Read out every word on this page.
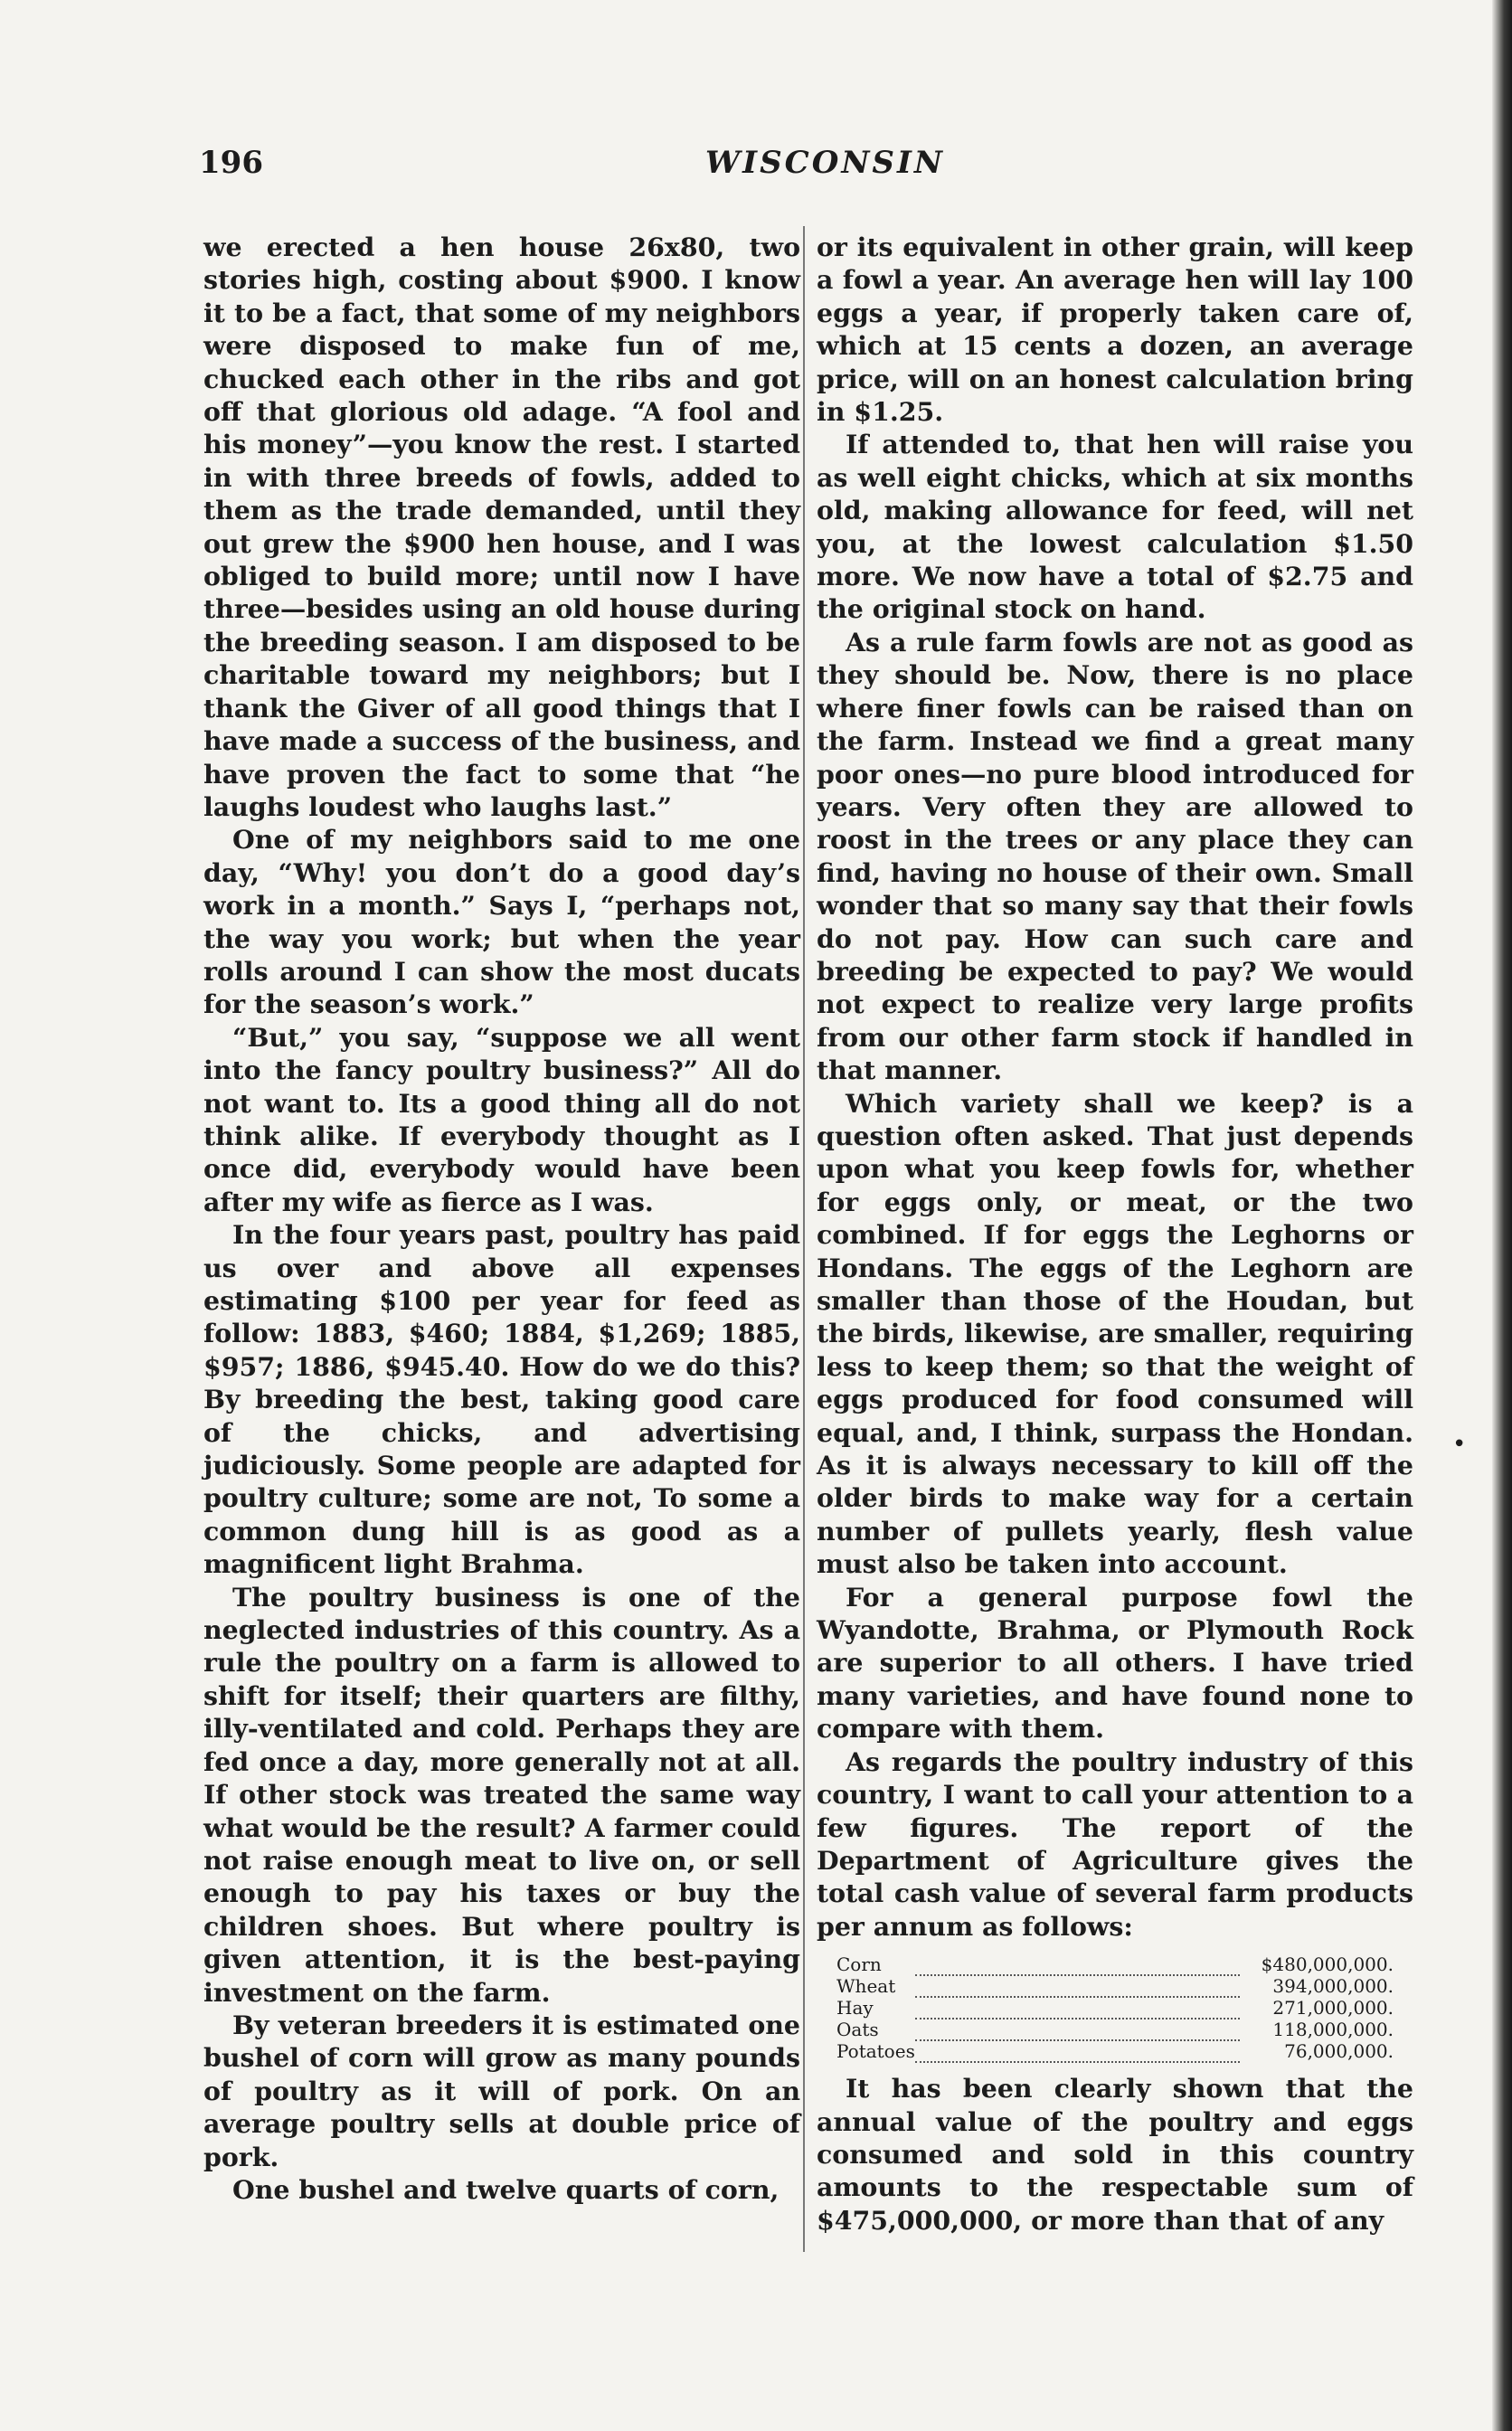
196	WISCONSIN

we erected a hen house 26x80, two stories high, costing about $900. I know it to be a fact, that some of my neighbors were disposed to make fun of me, chucked each other in the ribs and got off that glorious old adage. “A fool and his money”—you know the rest. I started in with three breeds of fowls, added to them as the trade demanded, until they out grew the $900 hen house, and I was obliged to build more; until now I have three—besides using an old house during the breeding season. I am disposed to be charitable toward my neighbors; but I thank the Giver of all good things that I have made a success of the business, and have proven the fact to some that “he laughs loudest who laughs last.”

One of my neighbors said to me one day, “Why! you don’t do a good day’s work in a month.” Says I, “perhaps not, the way you work; but when the year rolls around I can show the most ducats for the season’s work.”

“But,” you say, “suppose we all went into the fancy poultry business?” All do not want to. Its a good thing all do not think alike. If everybody thought as I once did, everybody would have been after my wife as fierce as I was.

In the four years past, poultry has paid us over and above all expenses estimating $100 per year for feed as follow: 1883, $460; 1884, $1,269; 1885, $957; 1886, $945.40. How do we do this? By breeding the best, taking good care of the chicks, and advertising judiciously. Some people are adapted for poultry culture; some are not, To some a common dung hill is as good as a magnificent light Brahma.

The poultry business is one of the neglected industries of this country. As a rule the poultry on a farm is allowed to shift for itself; their quarters are filthy, illy-ventilated and cold. Perhaps they are fed once a day, more generally not at all. If other stock was treated the same way what would be the result? A farmer could not raise enough meat to live on, or sell enough to pay his taxes or buy the children shoes. But where poultry is given attention, it is the best-paying investment on the farm.

By veteran breeders it is estimated one bushel of corn will grow as many pounds of poultry as it will of pork. On an average poultry sells at double price of pork.

One bushel and twelve quarts of corn,

or its equivalent in other grain, will keep a fowl a year. An average hen will lay 100 eggs a year, if properly taken care of, which at 15 cents a dozen, an average price, will on an honest calculation bring in $1.25.

If attended to, that hen will raise you as well eight chicks, which at six months old, making allowance for feed, will net you, at the lowest calculation $1.50 more. We now have a total of $2.75 and the original stock on hand.

As a rule farm fowls are not as good as they should be. Now, there is no place where finer fowls can be raised than on the farm. Instead we find a great many poor ones—no pure blood introduced for years. Very often they are allowed to roost in the trees or any place they can find, having no house of their own. Small wonder that so many say that their fowls do not pay. How can such care and breeding be expected to pay? We would not expect to realize very large profits from our other farm stock if handled in that manner.

Which variety shall we keep? is a question often asked. That just depends upon what you keep fowls for, whether for eggs only, or meat, or the two combined. If for eggs the Leghorns or Hondans. The eggs of the Leghorn are smaller than those of the Houdan, but the birds, likewise, are smaller, requiring less to keep them; so that the weight of eggs produced for food consumed will equal, and, I think, surpass the Hondan. As it is always necessary to kill off the older birds to make way for a certain number of pullets yearly, flesh value must also be taken into account.

For a general purpose fowl the Wyandotte, Brahma, or Plymouth Rock are superior to all others. I have tried many varieties, and have found none to compare with them.

As regards the poultry industry of this country, I want to call your attention to a few figures. The report of the Department of Agriculture gives the total cash value of several farm products per annum as follows:

Corn		$480,000,000.
Wheat		394,000,000.
Hay		271,000,000.
Oats		118,000,000.
Potatoes		76,000,000.

It has been clearly shown that the annual value of the poultry and eggs consumed and sold in this country amounts to the respectable sum of $475,000,000, or more than that of any

•
